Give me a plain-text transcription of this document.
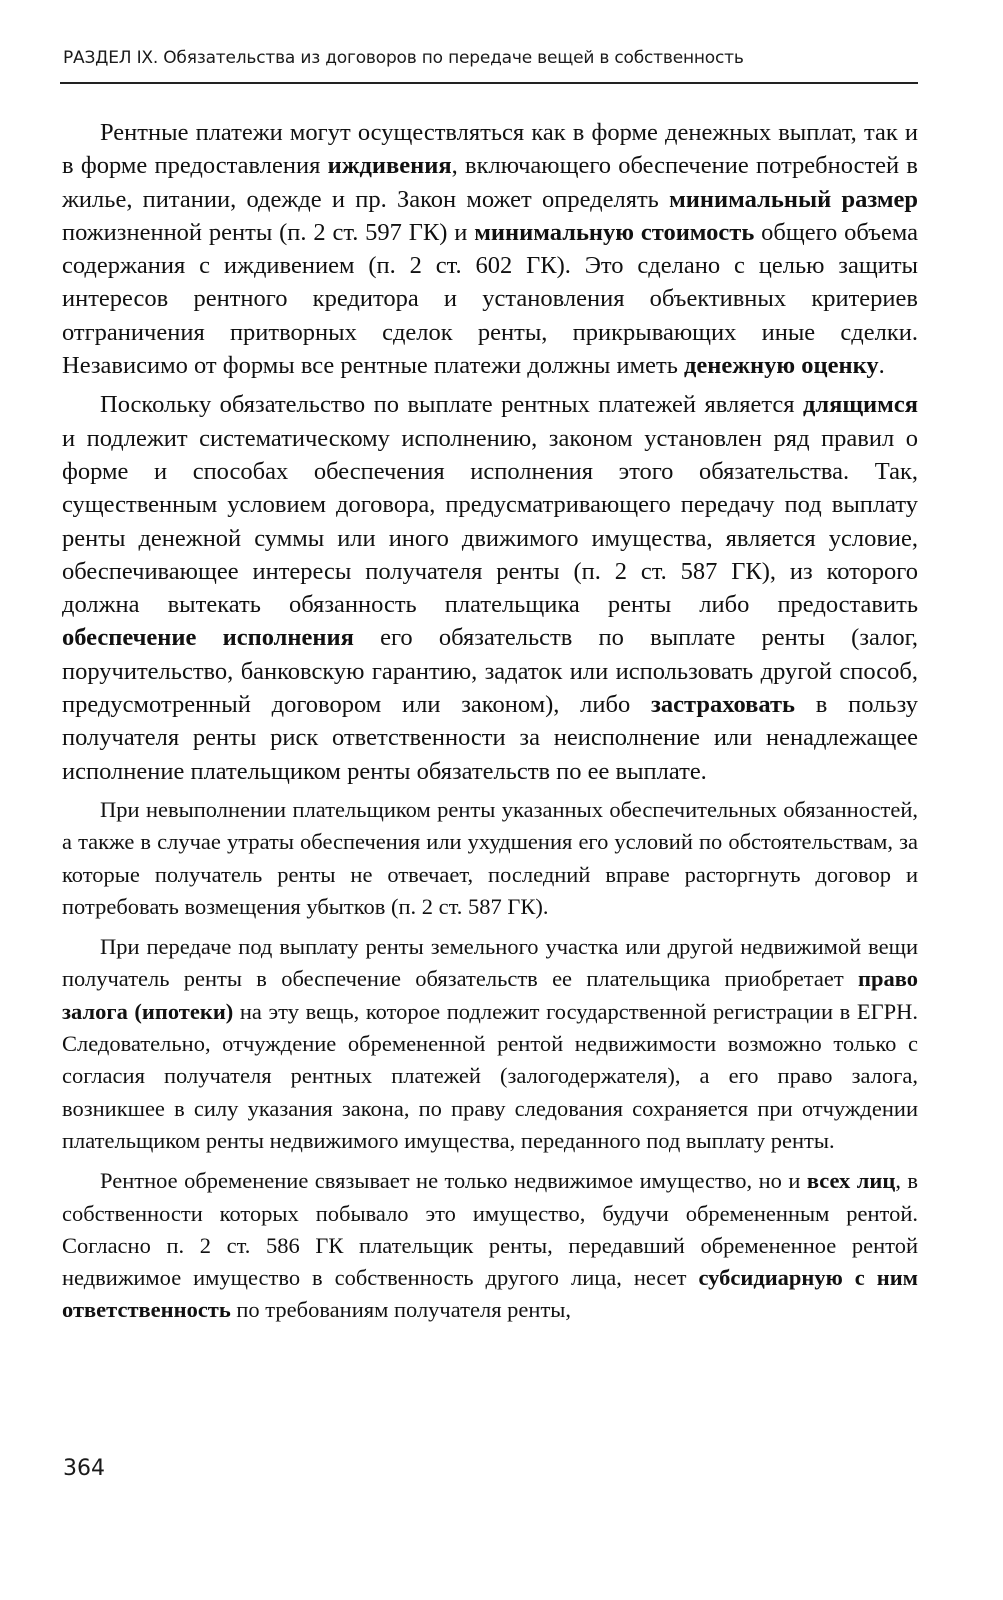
РАЗДЕЛ IX. Обязательства из договоров по передаче вещей в собственность

Рентные платежи могут осуществляться как в форме денежных выплат, так и в форме предоставления иждивения, включающего обеспечение потребностей в жилье, питании, одежде и пр. Закон может определять минимальный размер пожизненной ренты (п. 2 ст. 597 ГК) и минимальную стоимость общего объема содержания с иждивением (п. 2 ст. 602 ГК). Это сделано с целью защиты интересов рентного кредитора и установления объективных критериев отграничения притворных сделок ренты, прикрывающих иные сделки. Независимо от формы все рентные платежи должны иметь денежную оценку.

Поскольку обязательство по выплате рентных платежей является длящимся и подлежит систематическому исполнению, законом установлен ряд правил о форме и способах обеспечения исполнения этого обязательства. Так, существенным условием договора, предусматривающего передачу под выплату ренты денежной суммы или иного движимого имущества, является условие, обеспечивающее интересы получателя ренты (п. 2 ст. 587 ГК), из которого должна вытекать обязанность плательщика ренты либо предоставить обеспечение исполнения его обязательств по выплате ренты (залог, поручительство, банковскую гарантию, задаток или использовать другой способ, предусмотренный договором или законом), либо застраховать в пользу получателя ренты риск ответственности за неисполнение или ненадлежащее исполнение плательщиком ренты обязательств по ее выплате.

При невыполнении плательщиком ренты указанных обеспечительных обязанностей, а также в случае утраты обеспечения или ухудшения его условий по обстоятельствам, за которые получатель ренты не отвечает, последний вправе расторгнуть договор и потребовать возмещения убытков (п. 2 ст. 587 ГК).

При передаче под выплату ренты земельного участка или другой недвижимой вещи получатель ренты в обеспечение обязательств ее плательщика приобретает право залога (ипотеки) на эту вещь, которое подлежит государственной регистрации в ЕГРН. Следовательно, отчуждение обремененной рентой недвижимости возможно только с согласия получателя рентных платежей (залогодержателя), а его право залога, возникшее в силу указания закона, по праву следования сохраняется при отчуждении плательщиком ренты недвижимого имущества, переданного под выплату ренты.

Рентное обременение связывает не только недвижимое имущество, но и всех лиц, в собственности которых побывало это имущество, будучи обремененным рентой. Согласно п. 2 ст. 586 ГК плательщик ренты, передавший обремененное рентой недвижимое имущество в собственность другого лица, несет субсидиарную с ним ответственность по требованиям получателя ренты,

364
